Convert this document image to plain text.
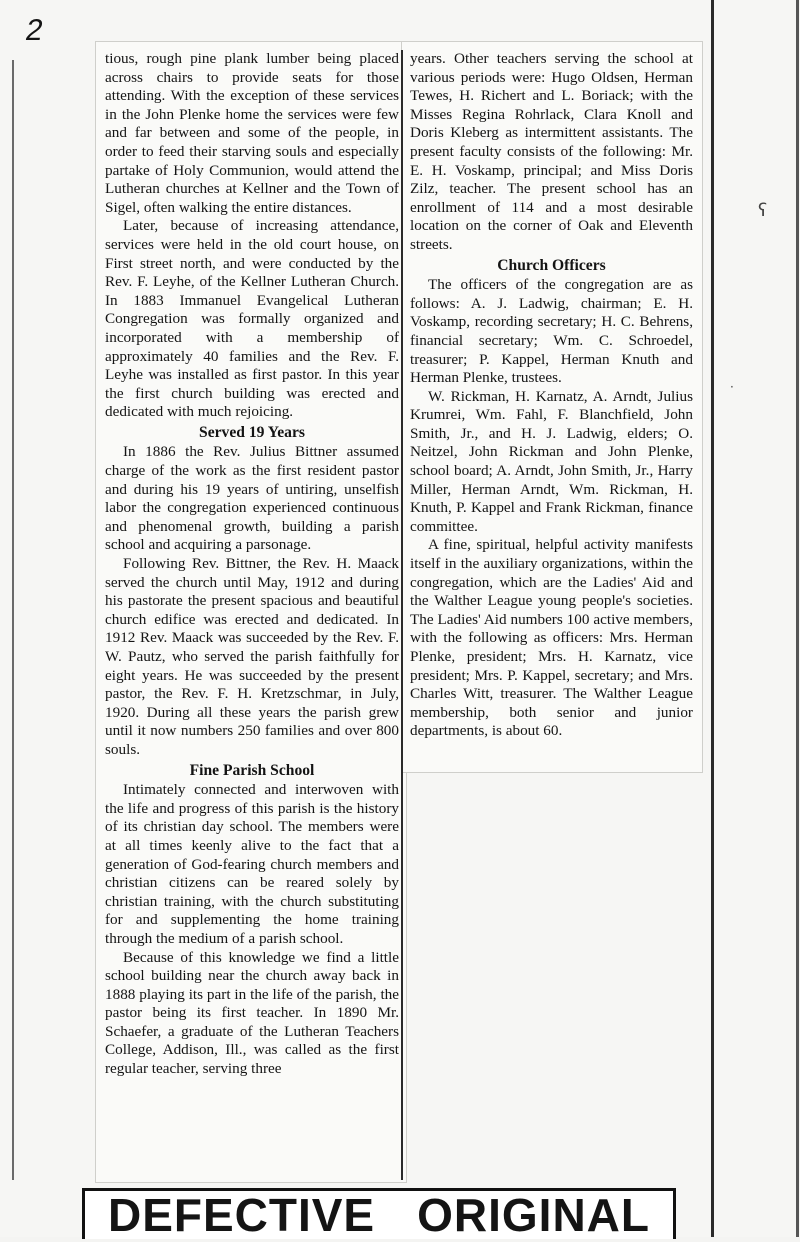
2

tious, rough pine plank lumber being placed across chairs to provide seats for those attending. With the exception of these services in the John Plenke home the services were few and far between and some of the people, in order to feed their starving souls and especially partake of Holy Communion, would attend the Lutheran churches at Kellner and the Town of Sigel, often walking the entire distances.

Later, because of increasing attendance, services were held in the old court house, on First street north, and were conducted by the Rev. F. Leyhe, of the Kellner Lutheran Church. In 1883 Immanuel Evangelical Lutheran Congregation was formally organized and incorporated with a membership of approximately 40 families and the Rev. F. Leyhe was installed as first pastor. In this year the first church building was erected and dedicated with much rejoicing.

Served 19 Years

In 1886 the Rev. Julius Bittner assumed charge of the work as the first resident pastor and during his 19 years of untiring, unselfish labor the congregation experienced continuous and phenomenal growth, building a parish school and acquiring a parsonage.

Following Rev. Bittner, the Rev. H. Maack served the church until May, 1912 and during his pastorate the present spacious and beautiful church edifice was erected and dedicated. In 1912 Rev. Maack was succeeded by the Rev. F. W. Pautz, who served the parish faithfully for eight years. He was succeeded by the present pastor, the Rev. F. H. Kretzschmar, in July, 1920. During all these years the parish grew until it now numbers 250 families and over 800 souls.

Fine Parish School

Intimately connected and interwoven with the life and progress of this parish is the history of its christian day school. The members were at all times keenly alive to the fact that a generation of God-fearing church members and christian citizens can be reared solely by christian training, with the church substituting for and supplementing the home training through the medium of a parish school.

Because of this knowledge we find a little school building near the church away back in 1888 playing its part in the life of the parish, the pastor being its first teacher. In 1890 Mr. Schaefer, a graduate of the Lutheran Teachers College, Addison, Ill., was called as the first regular teacher, serving three

years. Other teachers serving the school at various periods were: Hugo Oldsen, Herman Tewes, H. Richert and L. Boriack; with the Misses Regina Rohrlack, Clara Knoll and Doris Kleberg as intermittent assistants. The present faculty consists of the following: Mr. E. H. Voskamp, principal; and Miss Doris Zilz, teacher. The present school has an enrollment of 114 and a most desirable location on the corner of Oak and Eleventh streets.

Church Officers

The officers of the congregation are as follows: A. J. Ladwig, chairman; E. H. Voskamp, recording secretary; H. C. Behrens, financial secretary; Wm. C. Schroedel, treasurer; P. Kappel, Herman Knuth and Herman Plenke, trustees.

W. Rickman, H. Karnatz, A. Arndt, Julius Krumrei, Wm. Fahl, F. Blanchfield, John Smith, Jr., and H. J. Ladwig, elders; O. Neitzel, John Rickman and John Plenke, school board; A. Arndt, John Smith, Jr., Harry Miller, Herman Arndt, Wm. Rickman, H. Knuth, P. Kappel and Frank Rickman, finance committee.

A fine, spiritual, helpful activity manifests itself in the auxiliary organizations, within the congregation, which are the Ladies' Aid and the Walther League young people's societies. The Ladies' Aid numbers 100 active members, with the following as officers: Mrs. Herman Plenke, president; Mrs. H. Karnatz, vice president; Mrs. P. Kappel, secretary; and Mrs. Charles Witt, treasurer. The Walther League membership, both senior and junior departments, is about 60.

ʕ
·
DEFECTIVE ORIGINAL
